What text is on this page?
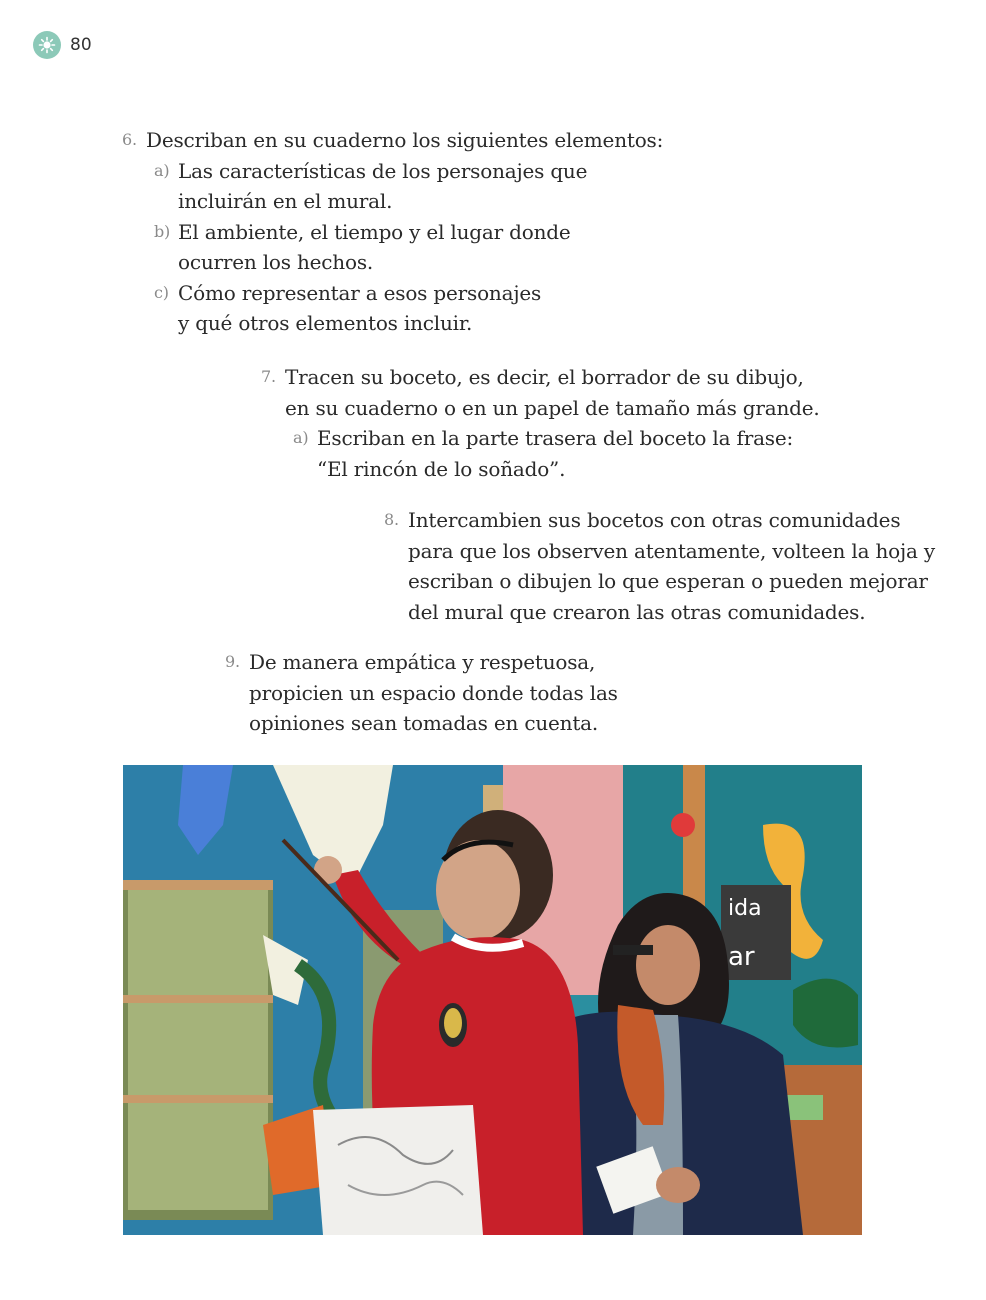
80
6. Describan en su cuaderno los siguientes elementos:
a) Las características de los personajes que
incluirán en el mural.
b) El ambiente, el tiempo y el lugar donde
ocurren los hechos.
c) Cómo representar a esos personajes
y qué otros elementos incluir.
7. Tracen su boceto, es decir, el borrador de su dibujo,
en su cuaderno o en un papel de tamaño más grande.
a) Escriban en la parte trasera del boceto la frase:
“El rincón de lo soñado”.
8. Intercambien sus bocetos con otras comunidades
para que los observen atentamente, volteen la hoja y
escriban o dibujen lo que esperan o pueden mejorar
del mural que crearon las otras comunidades.
9. De manera empática y respetuosa,
propicien un espacio donde todas las
opiniones sean tomadas en cuenta.
ida
ar
